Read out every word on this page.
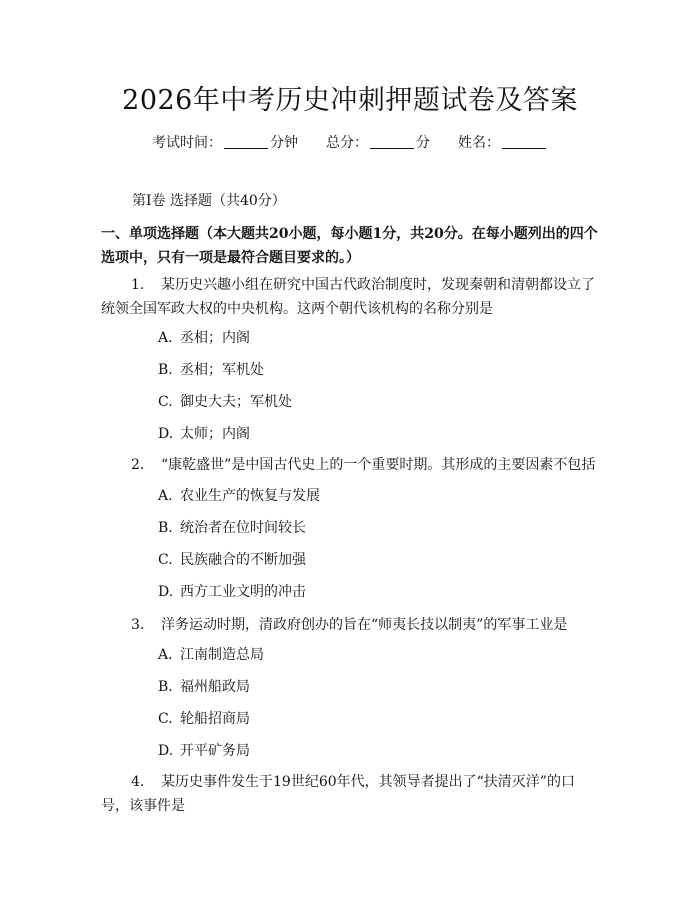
2026年中考历史冲刺押题试卷及答案
考试时间：	分钟 总分：	分 姓名：
第Ⅰ卷 选择题（共40分）
一、单项选择题（本大题共20小题，每小题1分，共20分。在每小题列出的四个选项中，只有一项是最符合题目要求的。）
1. 某历史兴趣小组在研究中国古代政治制度时，发现秦朝和清朝都设立了统领全国军政大权的中央机构。这两个朝代该机构的名称分别是
A. 丞相；内阁
B. 丞相；军机处
C. 御史大夫；军机处
D. 太师；内阁
2. “康乾盛世”是中国古代史上的一个重要时期。其形成的主要因素不包括
A. 农业生产的恢复与发展
B. 统治者在位时间较长
C. 民族融合的不断加强
D. 西方工业文明的冲击
3. 洋务运动时期，清政府创办的旨在“师夷长技以制夷”的军事工业是
A. 江南制造总局
B. 福州船政局
C. 轮船招商局
D. 开平矿务局
4. 某历史事件发生于19世纪60年代，其领导者提出了“扶清灭洋”的口号，该事件是
